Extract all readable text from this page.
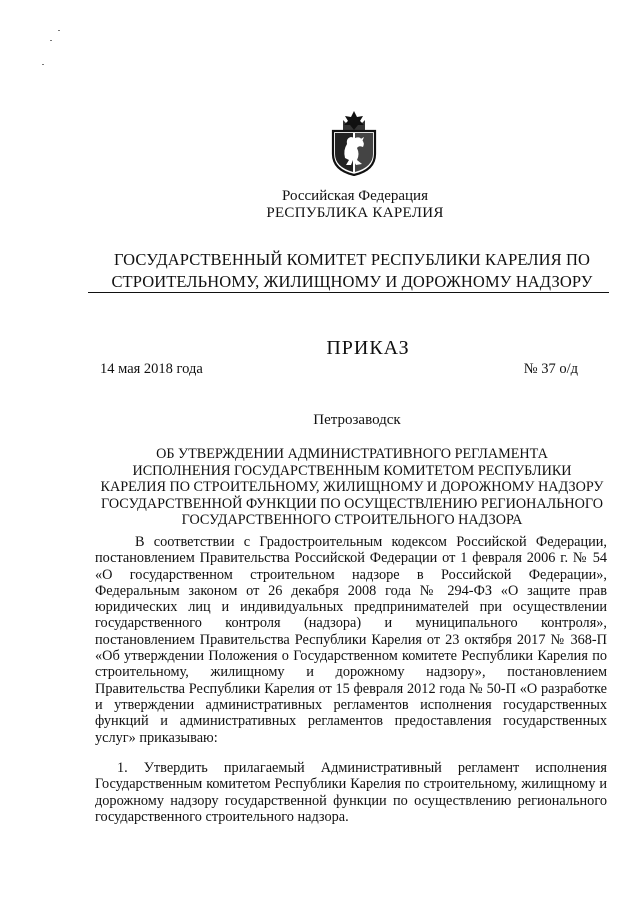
Российская Федерация
РЕСПУБЛИКА КАРЕЛИЯ
ГОСУДАРСТВЕННЫЙ КОМИТЕТ РЕСПУБЛИКИ КАРЕЛИЯ ПО
СТРОИТЕЛЬНОМУ, ЖИЛИЩНОМУ И ДОРОЖНОМУ НАДЗОРУ
ПРИКАЗ
14 мая 2018 года	№ 37 о/д
Петрозаводск
ОБ УТВЕРЖДЕНИИ АДМИНИСТРАТИВНОГО РЕГЛАМЕНТА
ИСПОЛНЕНИЯ ГОСУДАРСТВЕННЫМ КОМИТЕТОМ РЕСПУБЛИКИ
КАРЕЛИЯ ПО СТРОИТЕЛЬНОМУ, ЖИЛИЩНОМУ И ДОРОЖНОМУ НАДЗОРУ
ГОСУДАРСТВЕННОЙ ФУНКЦИИ ПО ОСУЩЕСТВЛЕНИЮ РЕГИОНАЛЬНОГО
ГОСУДАРСТВЕННОГО СТРОИТЕЛЬНОГО НАДЗОРА
В соответствии с Градостроительным кодексом Российской Федерации, постановлением Правительства Российской Федерации от 1 февраля 2006 г. № 54 «О государственном строительном надзоре в Российской Федерации», Федеральным законом от 26 декабря 2008 года № 294-ФЗ «О защите прав юридических лиц и индивидуальных предпринимателей при осуществлении государственного контроля (надзора) и муниципального контроля», постановлением Правительства Республики Карелия от 23 октября 2017 № 368-П «Об утверждении Положения о Государственном комитете Республики Карелия по строительному, жилищному и дорожному надзору», постановлением Правительства Республики Карелия от 15 февраля 2012 года № 50-П «О разработке и утверждении административных регламентов исполнения государственных функций и административных регламентов предоставления государственных услуг» приказываю:
1. Утвердить прилагаемый Административный регламент исполнения Государственным комитетом Республики Карелия по строительному, жилищному и дорожному надзору государственной функции по осуществлению регионального государственного строительного надзора.
